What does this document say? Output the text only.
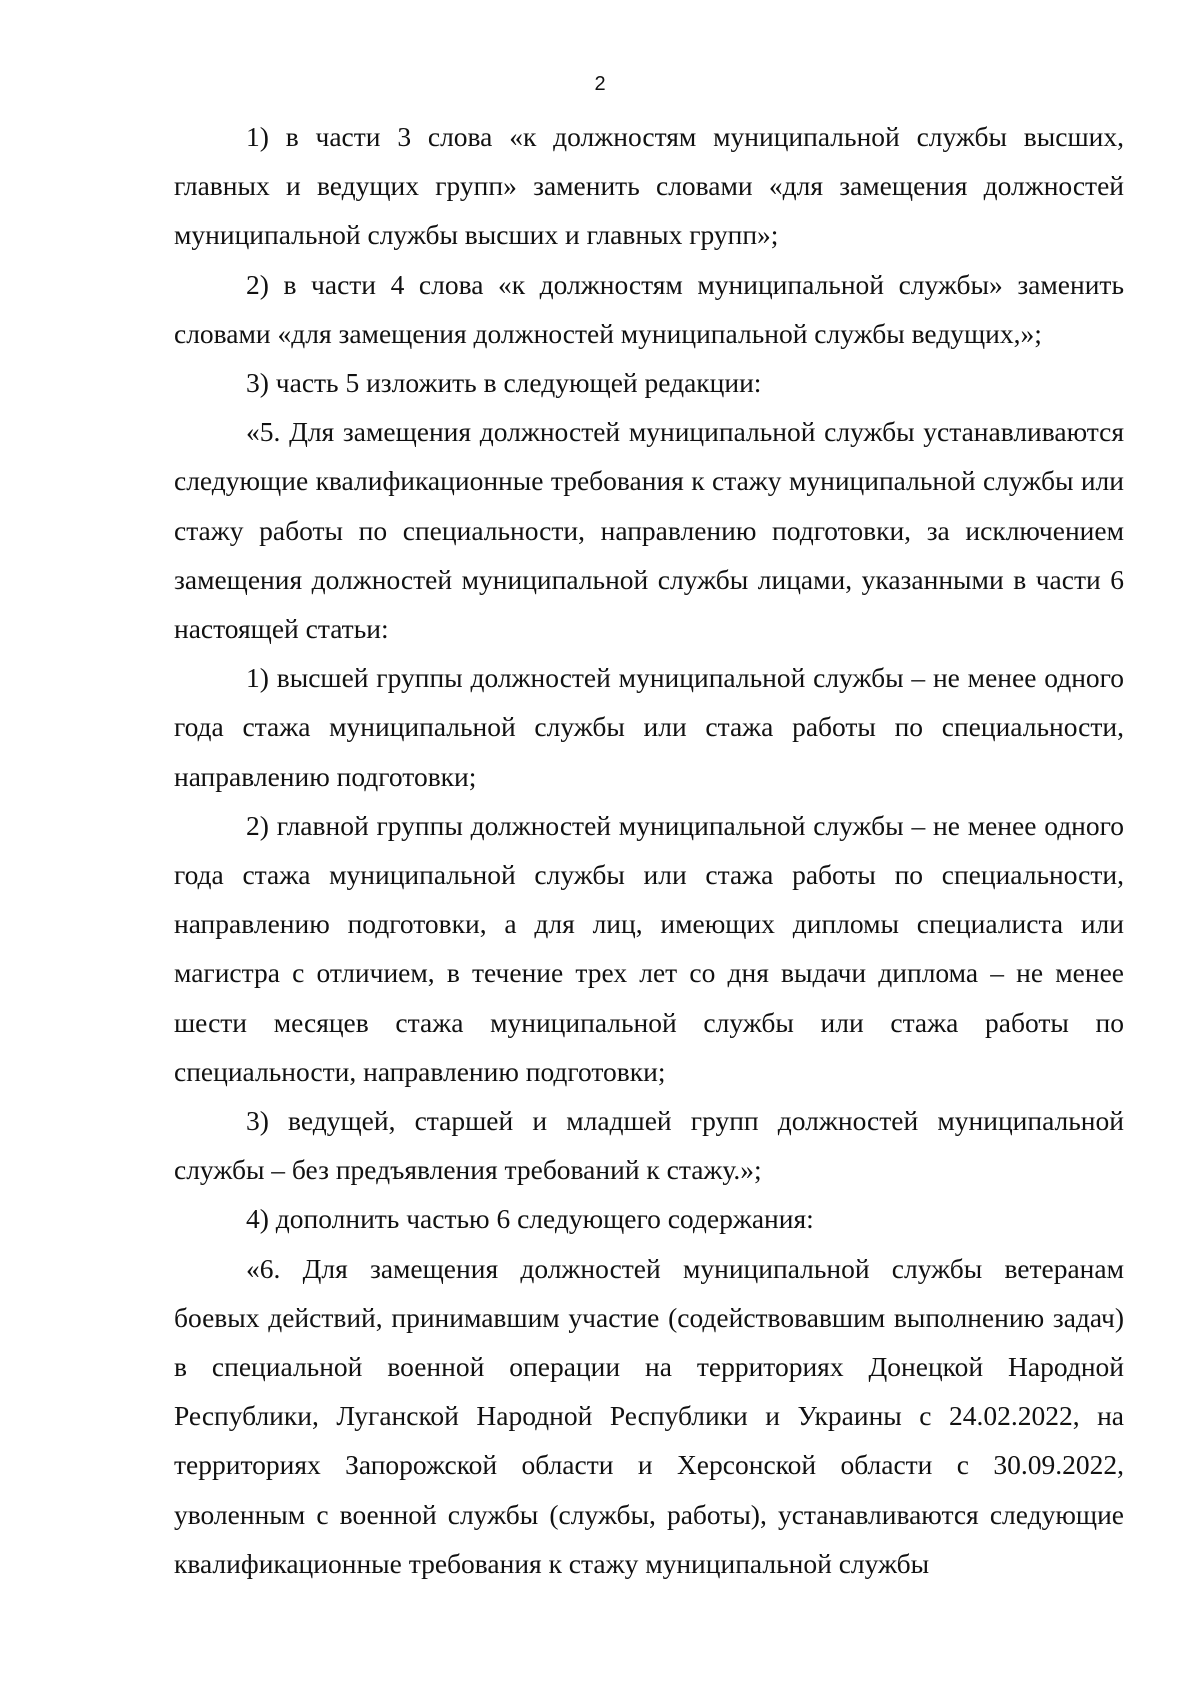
2

1) в части 3 слова «к должностям муниципальной службы высших, главных и ведущих групп» заменить словами «для замещения должностей муниципальной службы высших и главных групп»;

2) в части 4 слова «к должностям муниципальной службы» заменить словами «для замещения должностей муниципальной службы ведущих,»;

3) часть 5 изложить в следующей редакции:

«5. Для замещения должностей муниципальной службы устанавливаются следующие квалификационные требования к стажу муниципальной службы или стажу работы по специальности, направлению подготовки, за исключением замещения должностей муниципальной службы лицами, указанными в части 6 настоящей статьи:

1) высшей группы должностей муниципальной службы – не менее одного года стажа муниципальной службы или стажа работы по специальности, направлению подготовки;

2) главной группы должностей муниципальной службы – не менее одного года стажа муниципальной службы или стажа работы по специальности, направлению подготовки, а для лиц, имеющих дипломы специалиста или магистра с отличием, в течение трех лет со дня выдачи диплома – не менее шести месяцев стажа муниципальной службы или стажа работы по специальности, направлению подготовки;

3) ведущей, старшей и младшей групп должностей муниципальной службы – без предъявления требований к стажу.»;

4) дополнить частью 6 следующего содержания:

«6. Для замещения должностей муниципальной службы ветеранам боевых действий, принимавшим участие (содействовавшим выполнению задач) в специальной военной операции на территориях Донецкой Народной Республики, Луганской Народной Республики и Украины с 24.02.2022, на территориях Запорожской области и Херсонской области с 30.09.2022, уволенным с военной службы (службы, работы), устанавливаются следующие квалификационные требования к стажу муниципальной службы
